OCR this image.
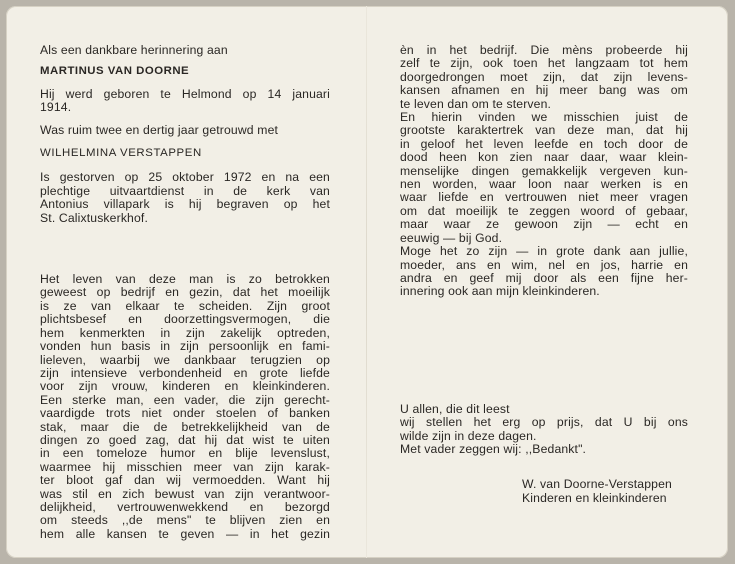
Als een dankbare herinnering aan

MARTINUS VAN DOORNE

Hij werd geboren te Helmond op 14 januari
1914.

Was ruim twee en dertig jaar getrouwd met

WILHELMINA VERSTAPPEN

Is gestorven op 25 oktober 1972 en na een
plechtige uitvaartdienst in de kerk van
Antonius villapark is hij begraven op het
St. Calixtuskerkhof.
Het leven van deze man is zo betrokken
geweest op bedrijf en gezin, dat het moeilijk
is ze van elkaar te scheiden. Zijn groot
plichtsbesef en doorzettingsvermogen, die
hem kenmerkten in zijn zakelijk optreden,
vonden hun basis in zijn persoonlijk en fami-
lieleven, waarbij we dankbaar terugzien op
zijn intensieve verbondenheid en grote liefde
voor zijn vrouw, kinderen en kleinkinderen.
Een sterke man, een vader, die zijn gerecht-
vaardigde trots niet onder stoelen of banken
stak, maar die de betrekkelijkheid van de
dingen zo goed zag, dat hij dat wist te uiten
in een tomeloze humor en blije levenslust,
waarmee hij misschien meer van zijn karak-
ter bloot gaf dan wij vermoedden. Want hij
was stil en zich bewust van zijn verantwoor-
delijkheid, vertrouwenwekkend en bezorgd
om steeds ,,de mens" te blijven zien en
hem alle kansen te geven — in het gezin
èn in het bedrijf. Die mèns probeerde hij
zelf te zijn, ook toen het langzaam tot hem
doorgedrongen moet zijn, dat zijn levens-
kansen afnamen en hij meer bang was om
te leven dan om te sterven.
En hierin vinden we misschien juist de
grootste karaktertrek van deze man, dat hij
in geloof het leven leefde en toch door de
dood heen kon zien naar daar, waar klein-
menselijke dingen gemakkelijk vergeven kun-
nen worden, waar loon naar werken is en
waar liefde en vertrouwen niet meer vragen
om dat moeilijk te zeggen woord of gebaar,
maar waar ze gewoon zijn — echt en
eeuwig — bij God.
Moge het zo zijn — in grote dank aan jullie,
moeder, ans en wim, nel en jos, harrie en
andra en geef mij door als een fijne her-
innering ook aan mijn kleinkinderen.
U allen, die dit leest
wij stellen het erg op prijs, dat U bij ons
wilde zijn in deze dagen.
Met vader zeggen wij: ,,Bedankt".
W. van Doorne-Verstappen
Kinderen en kleinkinderen
